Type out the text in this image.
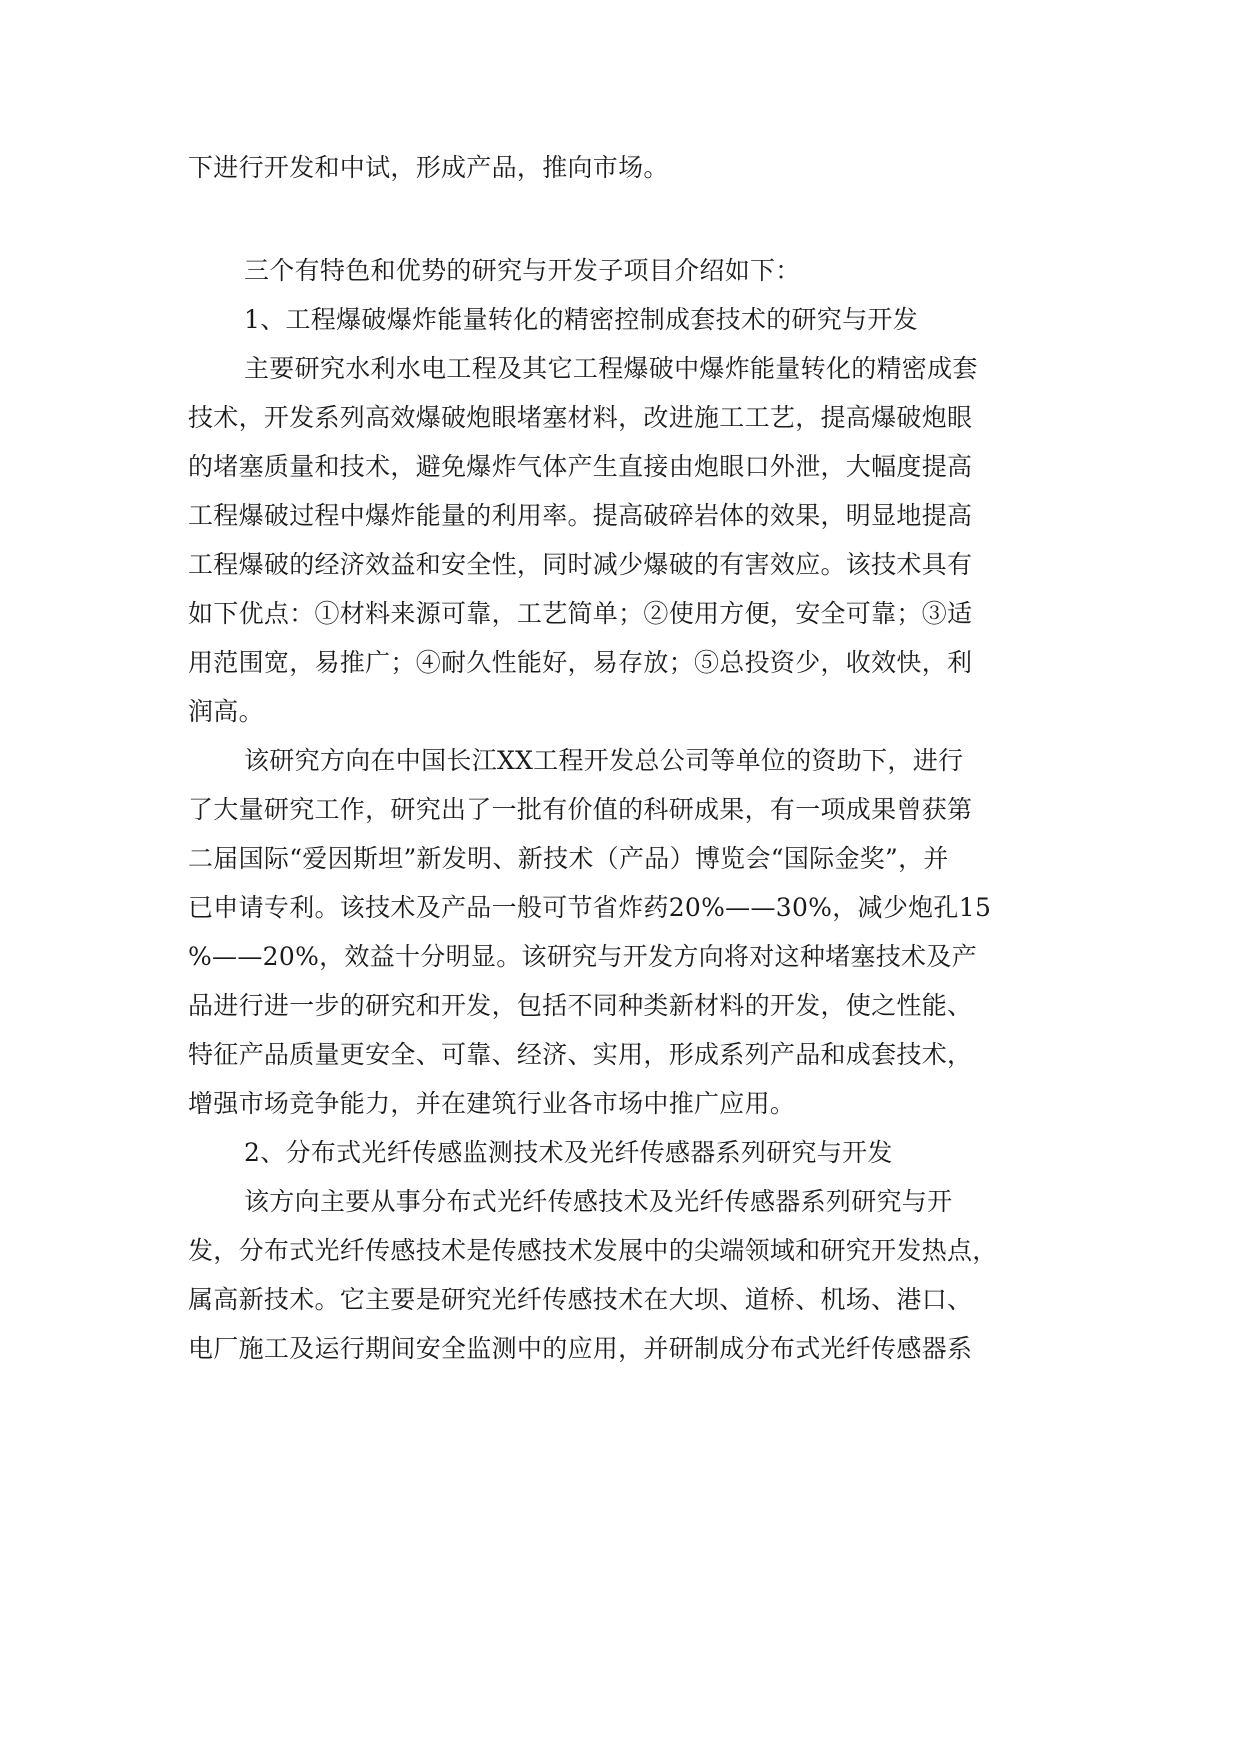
下进行开发和中试，形成产品，推向市场。
三个有特色和优势的研究与开发子项目介绍如下：
1、工程爆破爆炸能量转化的精密控制成套技术的研究与开发
主要研究水利水电工程及其它工程爆破中爆炸能量转化的精密成套
技术，开发系列高效爆破炮眼堵塞材料，改进施工工艺，提高爆破炮眼
的堵塞质量和技术，避免爆炸气体产生直接由炮眼口外泄，大幅度提高
工程爆破过程中爆炸能量的利用率。提高破碎岩体的效果，明显地提高
工程爆破的经济效益和安全性，同时减少爆破的有害效应。该技术具有
如下优点：①材料来源可靠，工艺简单；②使用方便，安全可靠；③适
用范围宽，易推广；④耐久性能好，易存放；⑤总投资少，收效快，利
润高。
该研究方向在中国长江XX工程开发总公司等单位的资助下，进行
了大量研究工作，研究出了一批有价值的科研成果，有一项成果曾获第
二届国际“爱因斯坦”新发明、新技术（产品）博览会“国际金奖”，并
已申请专利。该技术及产品一般可节省炸药20%——30%，减少炮孔15
%——20%，效益十分明显。该研究与开发方向将对这种堵塞技术及产
品进行进一步的研究和开发，包括不同种类新材料的开发，使之性能、
特征产品质量更安全、可靠、经济、实用，形成系列产品和成套技术，
增强市场竞争能力，并在建筑行业各市场中推广应用。
2、分布式光纤传感监测技术及光纤传感器系列研究与开发
该方向主要从事分布式光纤传感技术及光纤传感器系列研究与开
发，分布式光纤传感技术是传感技术发展中的尖端领域和研究开发热点，
属高新技术。它主要是研究光纤传感技术在大坝、道桥、机场、港口、
电厂施工及运行期间安全监测中的应用，并研制成分布式光纤传感器系
